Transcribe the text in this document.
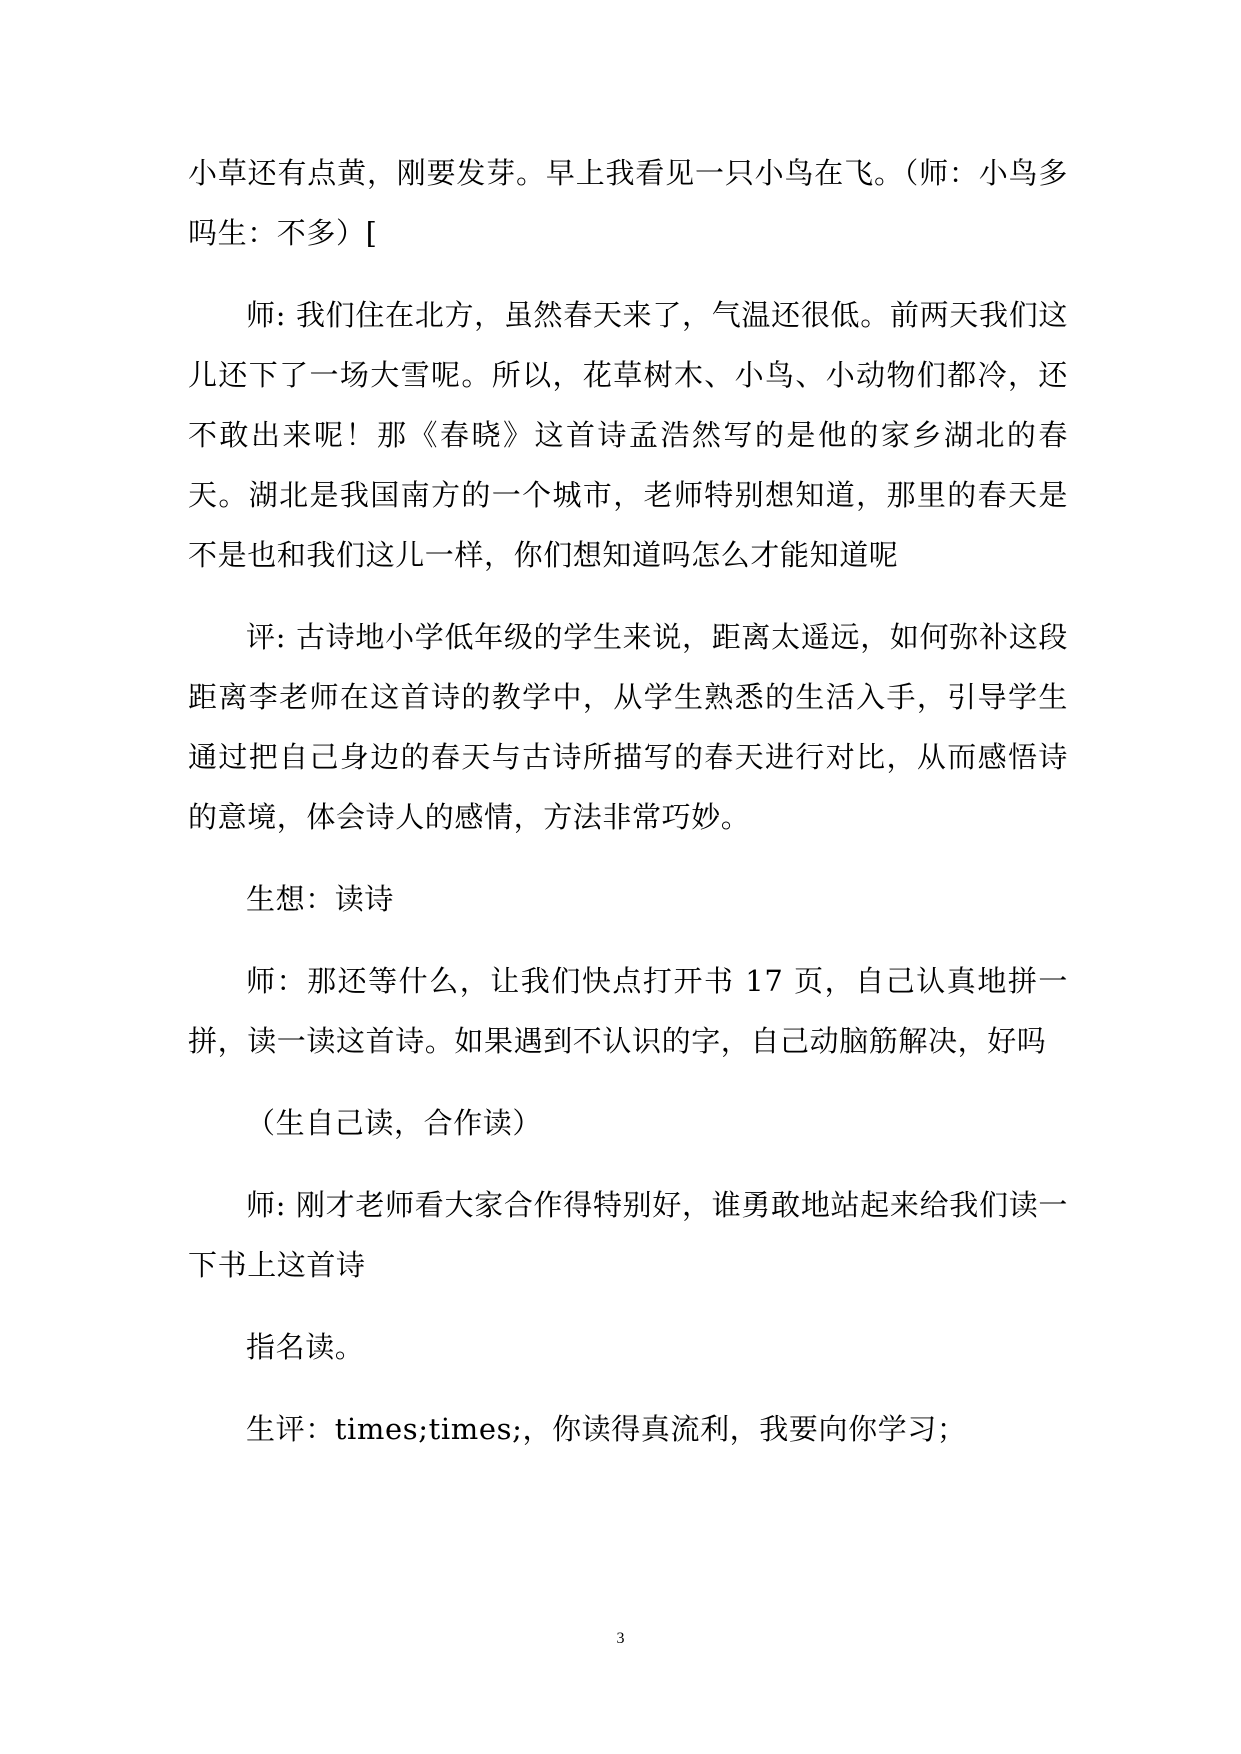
小草还有点黄，刚要发芽。早上我看见一只小鸟在飞。（师：小鸟多吗生：不多）[

师: 我们住在北方，虽然春天来了，气温还很低。前两天我们这儿还下了一场大雪呢。所以，花草树木、小鸟、小动物们都冷，还不敢出来呢！那《春晓》这首诗孟浩然写的是他的家乡湖北的春天。湖北是我国南方的一个城市，老师特别想知道，那里的春天是不是也和我们这儿一样，你们想知道吗怎么才能知道呢

评: 古诗地小学低年级的学生来说，距离太遥远，如何弥补这段距离李老师在这首诗的教学中，从学生熟悉的生活入手，引导学生通过把自己身边的春天与古诗所描写的春天进行对比，从而感悟诗的意境，体会诗人的感情，方法非常巧妙。

生想：读诗

师：那还等什么，让我们快点打开书 17 页，自己认真地拼一拼，读一读这首诗。如果遇到不认识的字，自己动脑筋解决，好吗

（生自己读，合作读）

师: 刚才老师看大家合作得特别好，谁勇敢地站起来给我们读一下书上这首诗

指名读。

生评：times;times;，你读得真流利，我要向你学习；

3
